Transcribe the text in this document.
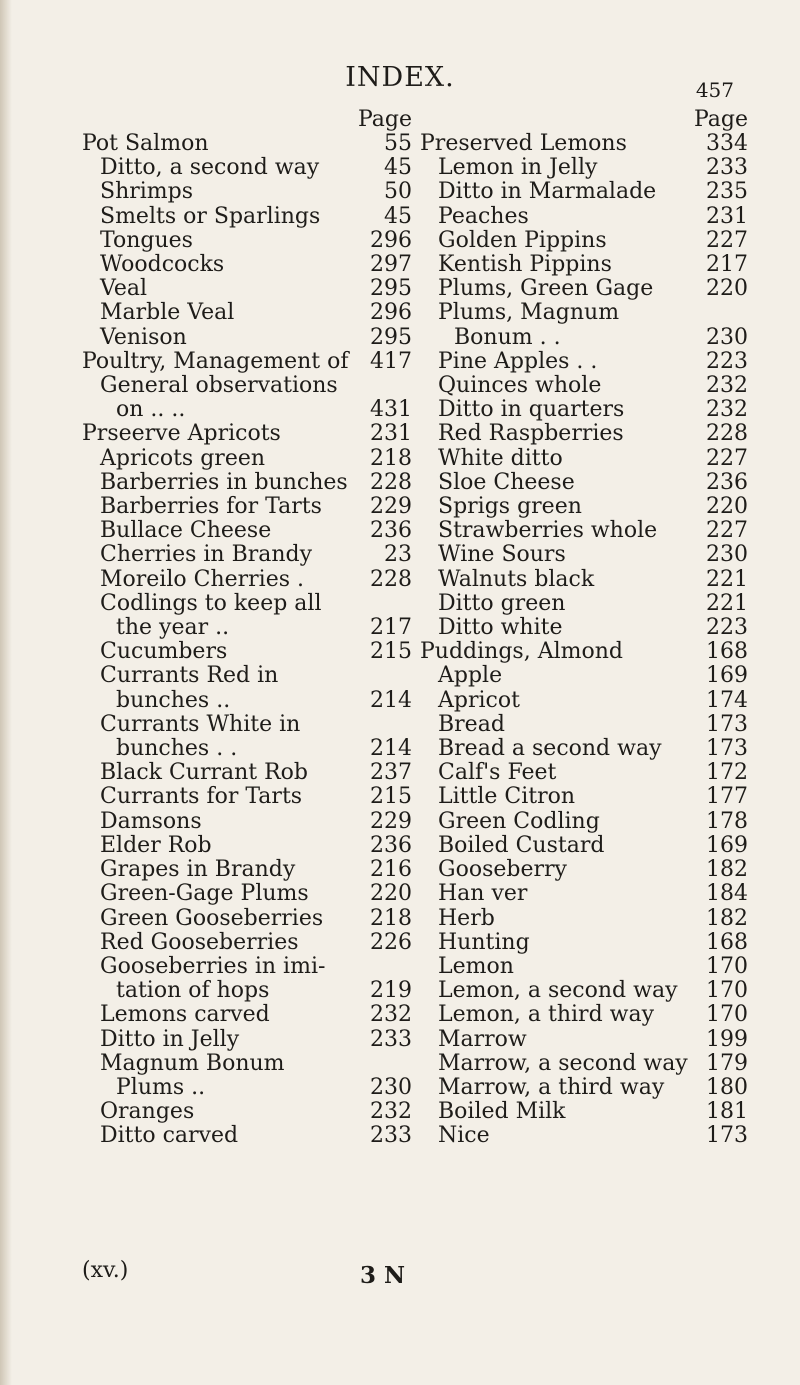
INDEX.	457
Page
Pot Salmon	55
Ditto, a second way	45
Shrimps	50
Smelts or Sparlings	45
Tongues	296
Woodcocks	297
Veal	295
Marble Veal	296
Venison	295
Poultry, Management of 417
General observations
on .. ..	431
Prseerve Apricots	231
Apricots green	218
Barberries in bunches	228
Barberries for Tarts	229
Bullace Cheese	236
Cherries in Brandy	23
Moreilo Cherries .	228
Codlings to keep all
the year ..	217
Cucumbers	215
Currants Red in
bunches ..	214
Currants White in
bunches . .	214
Black Currant Rob	237
Currants for Tarts	215
Damsons	229
Elder Rob	236
Grapes in Brandy	216
Green-Gage Plums	220
Green Gooseberries	218
Red Gooseberries	226
Gooseberries in imi-
tation of hops	219
Lemons carved	232
Ditto in Jelly	233
Magnum Bonum
Plums ..	230
Oranges	232
Ditto carved	233
Page
Preserved Lemons	334
Lemon in Jelly	233
Ditto in Marmalade	235
Peaches	231
Golden Pippins	227
Kentish Pippins	217
Plums, Green Gage	220
Plums, Magnum
Bonum . .	230
Pine Apples . .	223
Quinces whole	232
Ditto in quarters	232
Red Raspberries	228
White ditto	227
Sloe Cheese	236
Sprigs green	220
Strawberries whole	227
Wine Sours	230
Walnuts black	221
Ditto green	221
Ditto white	223
Puddings, Almond	168
Apple	169
Apricot	174
Bread	173
Bread a second way	173
Calf's Feet	172
Little Citron	177
Green Codling	178
Boiled Custard	169
Gooseberry	182
Han ver	184
Herb	182
Hunting	168
Lemon	170
Lemon, a second way	170
Lemon, a third way	170
Marrow	199
Marrow, a second way 179
Marrow, a third way	180
Boiled Milk	181
Nice	173
(xv.)	3 N
